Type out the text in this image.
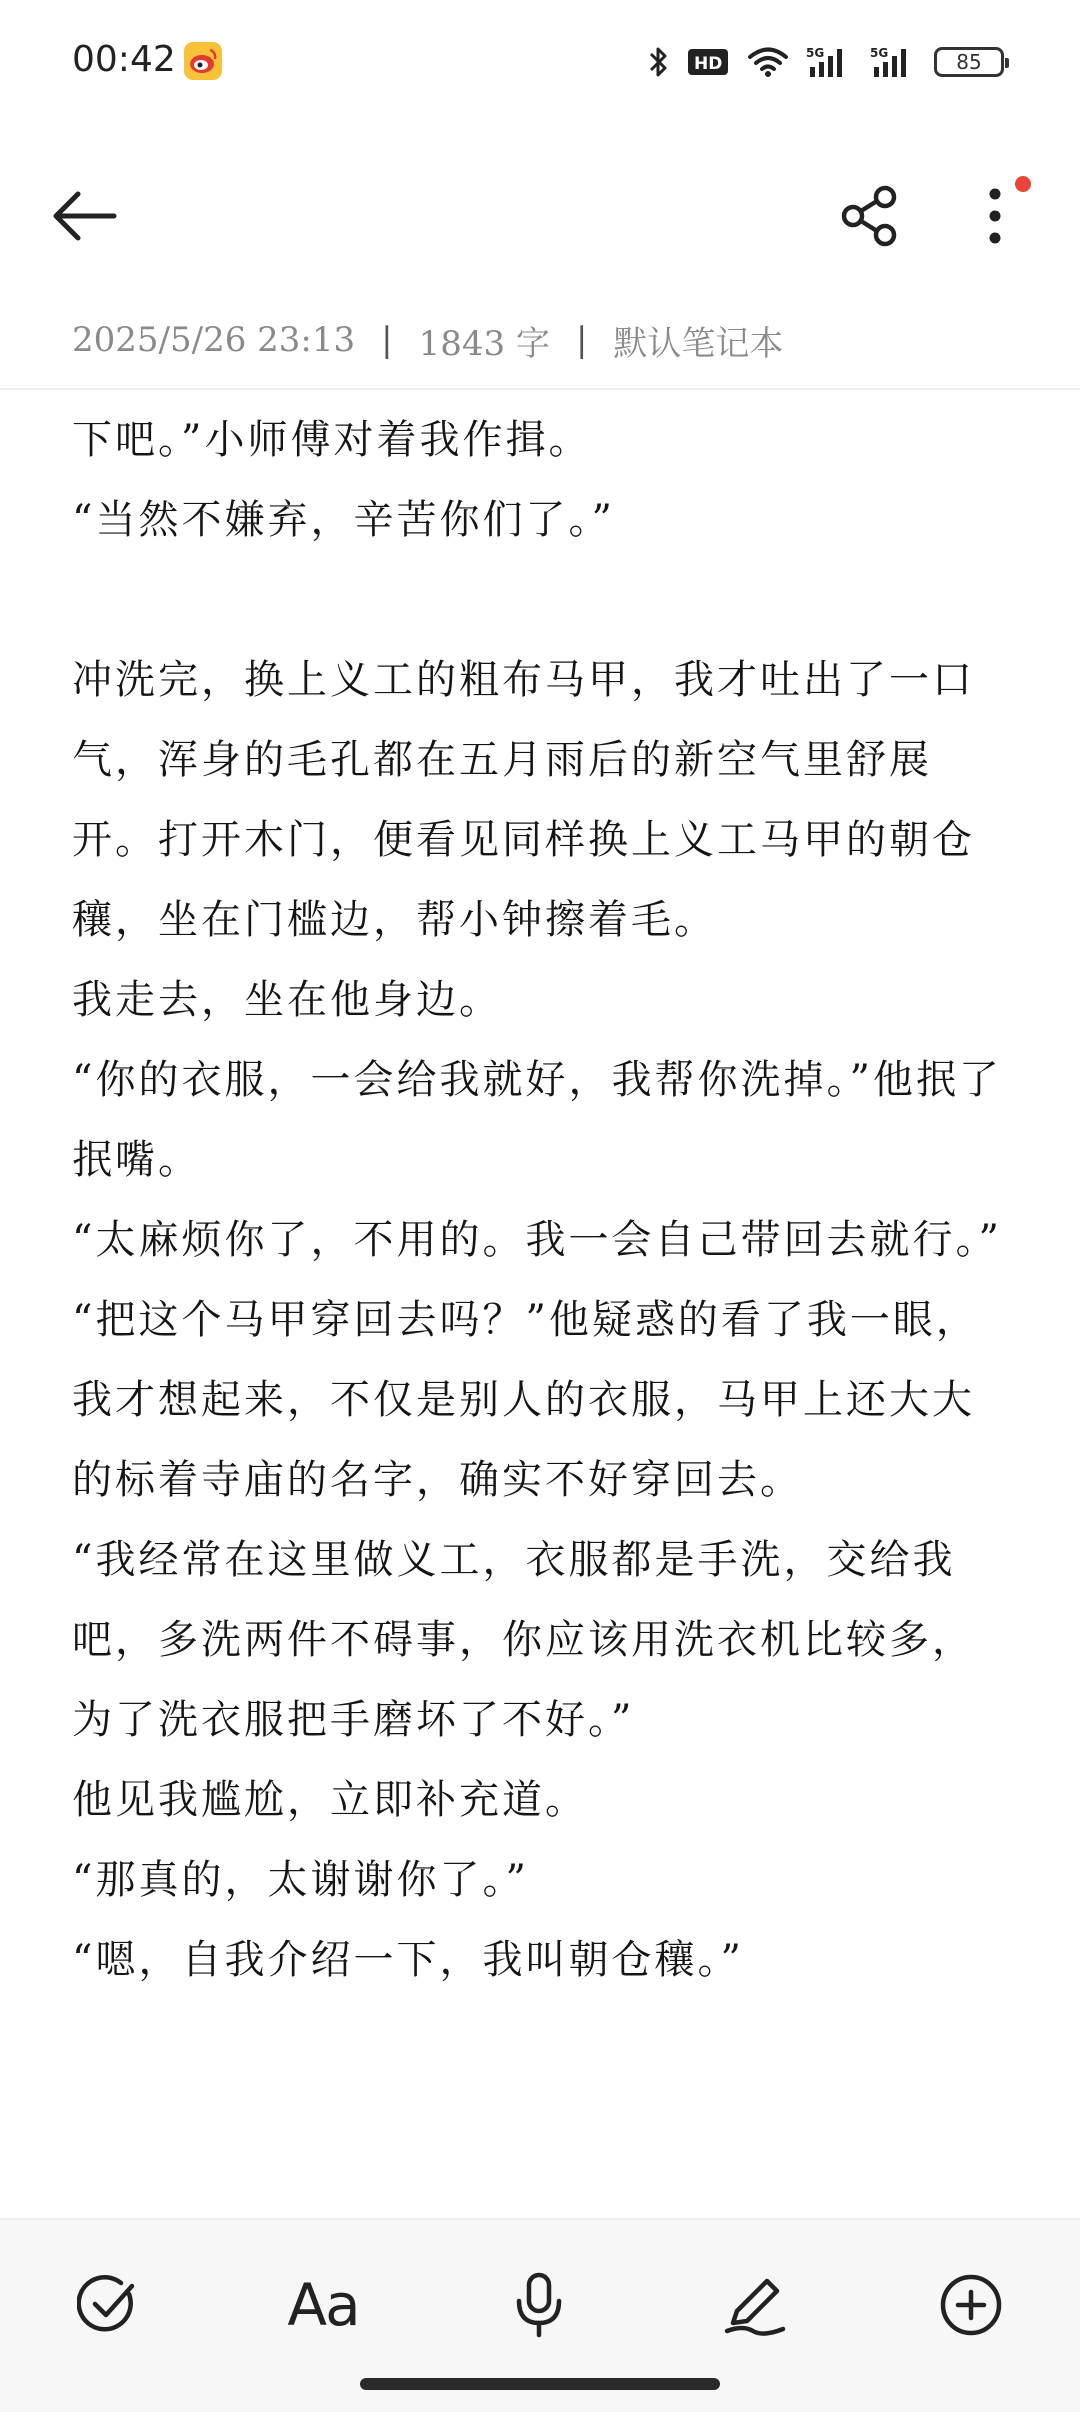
00:42	HD
5G	5G	85
2025/5/26 23:13 | 1843 字 | 默认笔记本

下吧。”小师傅对着我作揖。

“当然不嫌弃，辛苦你们了。”

冲洗完，换上义工的粗布马甲，我才吐出了一口气，浑身的毛孔都在五月雨后的新空气里舒展开。打开木门，便看见同样换上义工马甲的朝仓穰，坐在门槛边，帮小钟擦着毛。

我走去，坐在他身边。

“你的衣服，一会给我就好，我帮你洗掉。”他抿了抿嘴。

“太麻烦你了，不用的。我一会自己带回去就行。”

“把这个马甲穿回去吗？”他疑惑的看了我一眼，我才想起来，不仅是别人的衣服，马甲上还大大的标着寺庙的名字，确实不好穿回去。

“我经常在这里做义工，衣服都是手洗，交给我吧，多洗两件不碍事，你应该用洗衣机比较多，为了洗衣服把手磨坏了不好。”

他见我尴尬，立即补充道。

“那真的，太谢谢你了。”

“嗯，自我介绍一下，我叫朝仓穰。”

Aa
